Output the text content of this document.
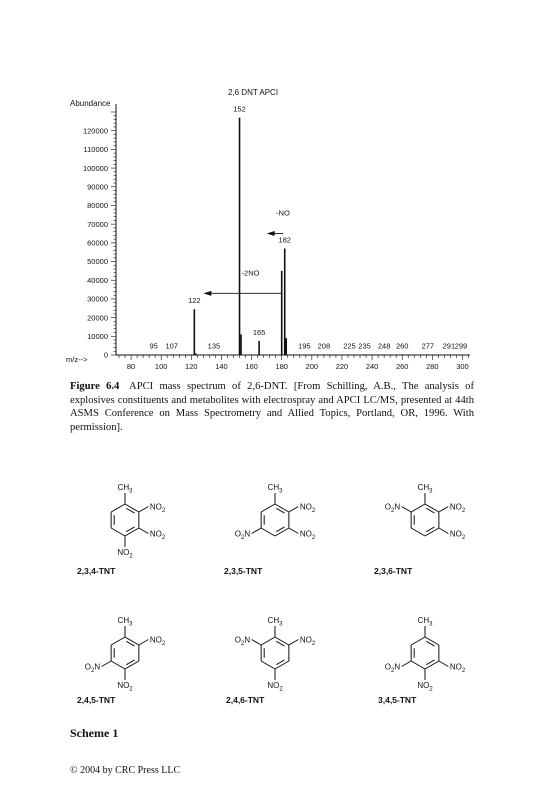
2,6 DNT APCI
Abundance
m/z--> 0
10000
20000
30000
40000
50000
60000
70000
80000
90000
100000
110000
120000
80	100 120 140 160 180 200 220 240 260 280 300
95 107
122
135
152
165
182
195 208 225 235 248 260 277 291 299
-NO
-2NO
Figure 6.4 APCI mass spectrum of 2,6-DNT. [From Schilling, A.B., The analysis of explosives constituents and metabolites with electrospray and APCI LC/MS, presented at 44th ASMS Conference on Mass Spectrometry and Allied Topics, Portland, OR, 1996. With permission].
$CH_3$
$NO_2$
$NO_2$
$NO_2$
2,3,4-TNT
$CH_3$
$NO_2$
$NO_2$
$O_2N$
2,3,5-TNT
$CH_3$
$NO_2$
$NO_2$
$O_2N$
2,3,6-TNT
$CH_3$
$NO_2$
$NO_2$
$O_2N$
2,4,5-TNT
$CH_3$
$NO_2$
$NO_2$
$O_2N$
2,4,6-TNT
$CH_3$
$NO_2$
$NO_2$
$O_2N$
3,4,5-TNT
Scheme 1
© 2004 by CRC Press LLC
